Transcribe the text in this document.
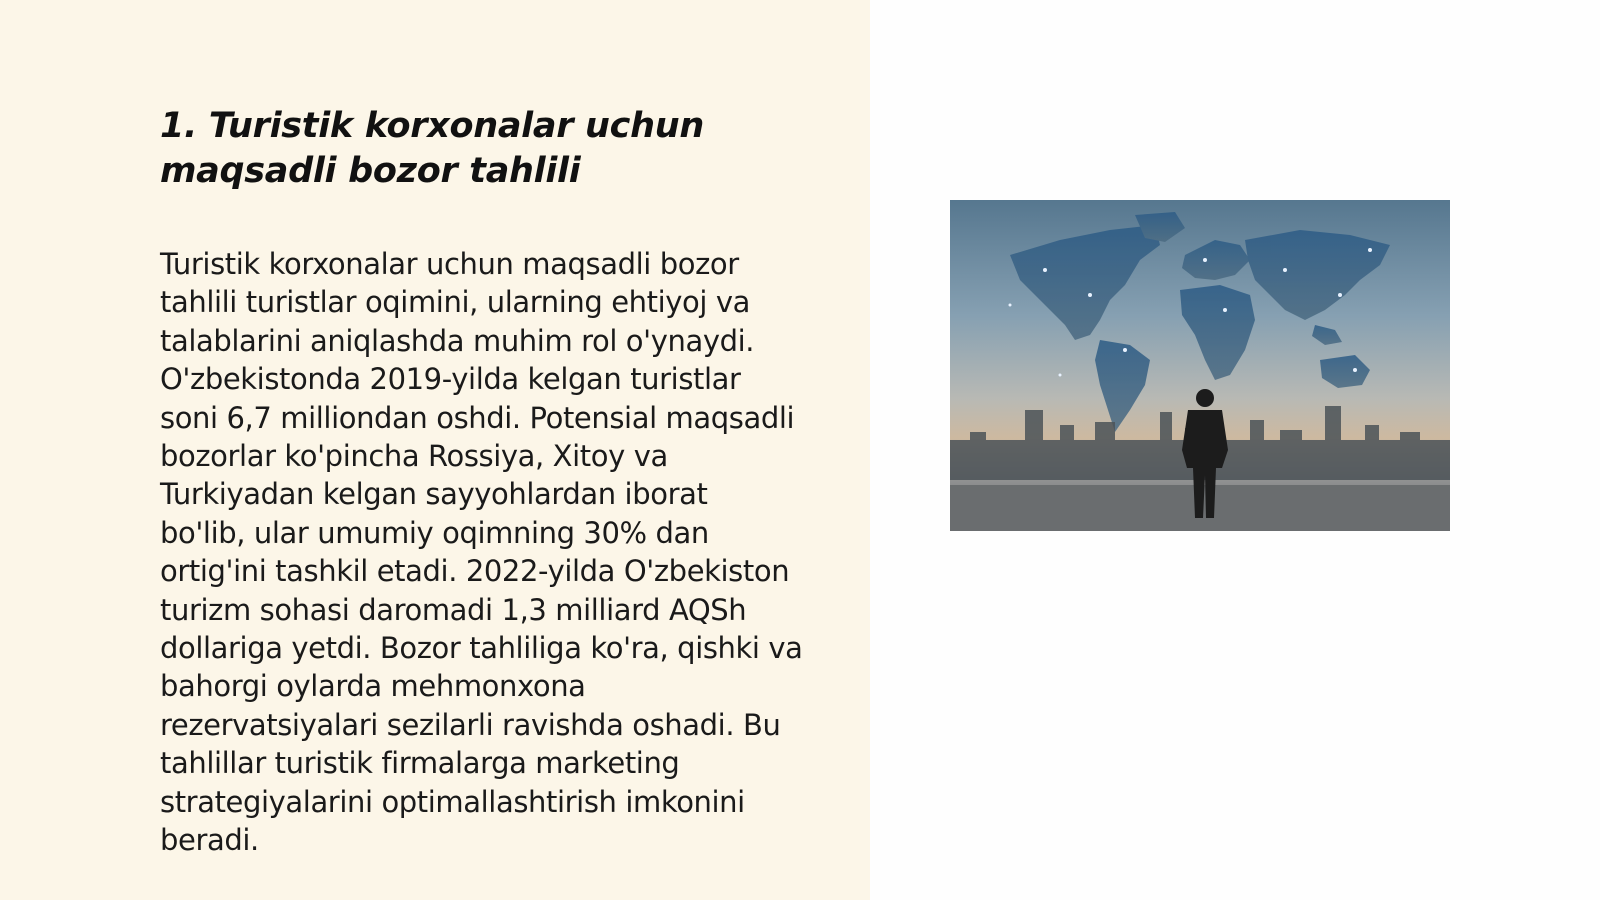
1. Turistik korxonalar uchun maqsadli bozor tahlili

Turistik korxonalar uchun maqsadli bozor
tahlili turistlar oqimini, ularning ehtiyoj va
talablarini aniqlashda muhim rol o'ynaydi.
O'zbekistonda 2019-yilda kelgan turistlar
soni 6,7 milliondan oshdi. Potensial maqsadli
bozorlar ko'pincha Rossiya, Xitoy va
Turkiyadan kelgan sayyohlardan iborat
bo'lib, ular umumiy oqimning 30% dan
ortig'ini tashkil etadi. 2022-yilda O'zbekiston
turizm sohasi daromadi 1,3 milliard AQSh
dollariga yetdi. Bozor tahliliga ko'ra, qishki va
bahorgi oylarda mehmonxona
rezervatsiyalari sezilarli ravishda oshadi. Bu
tahlillar turistik firmalarga marketing
strategiyalarini optimallashtirish imkonini
beradi.
